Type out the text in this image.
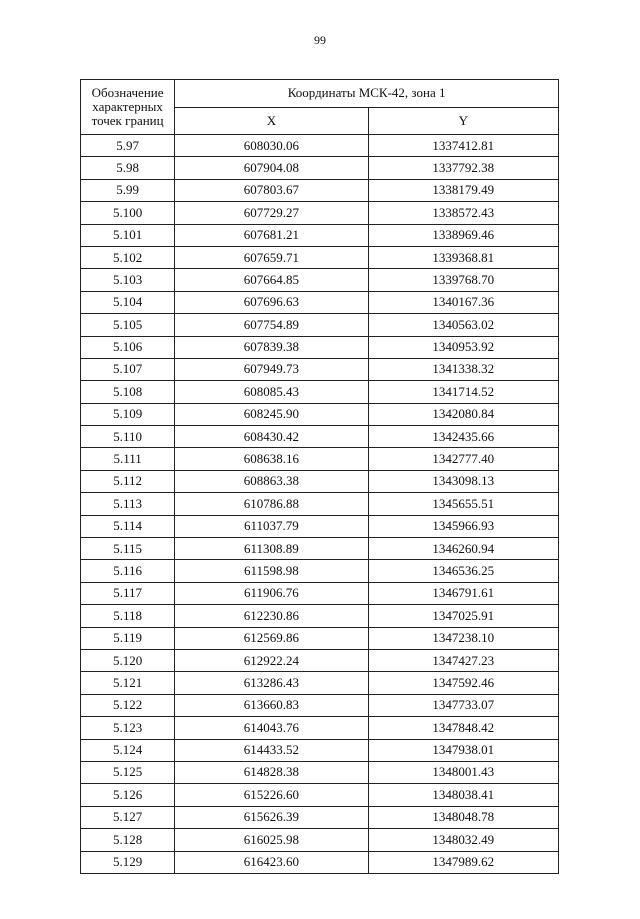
99
Обозначение характерных точек границ	Координаты МСК-42, зона 1	
	X	Y
5.97	608030.06	1337412.81
5.98	607904.08	1337792.38
5.99	607803.67	1338179.49
5.100	607729.27	1338572.43
5.101	607681.21	1338969.46
5.102	607659.71	1339368.81
5.103	607664.85	1339768.70
5.104	607696.63	1340167.36
5.105	607754.89	1340563.02
5.106	607839.38	1340953.92
5.107	607949.73	1341338.32
5.108	608085.43	1341714.52
5.109	608245.90	1342080.84
5.110	608430.42	1342435.66
5.111	608638.16	1342777.40
5.112	608863.38	1343098.13
5.113	610786.88	1345655.51
5.114	611037.79	1345966.93
5.115	611308.89	1346260.94
5.116	611598.98	1346536.25
5.117	611906.76	1346791.61
5.118	612230.86	1347025.91
5.119	612569.86	1347238.10
5.120	612922.24	1347427.23
5.121	613286.43	1347592.46
5.122	613660.83	1347733.07
5.123	614043.76	1347848.42
5.124	614433.52	1347938.01
5.125	614828.38	1348001.43
5.126	615226.60	1348038.41
5.127	615626.39	1348048.78
5.128	616025.98	1348032.49
5.129	616423.60	1347989.62
